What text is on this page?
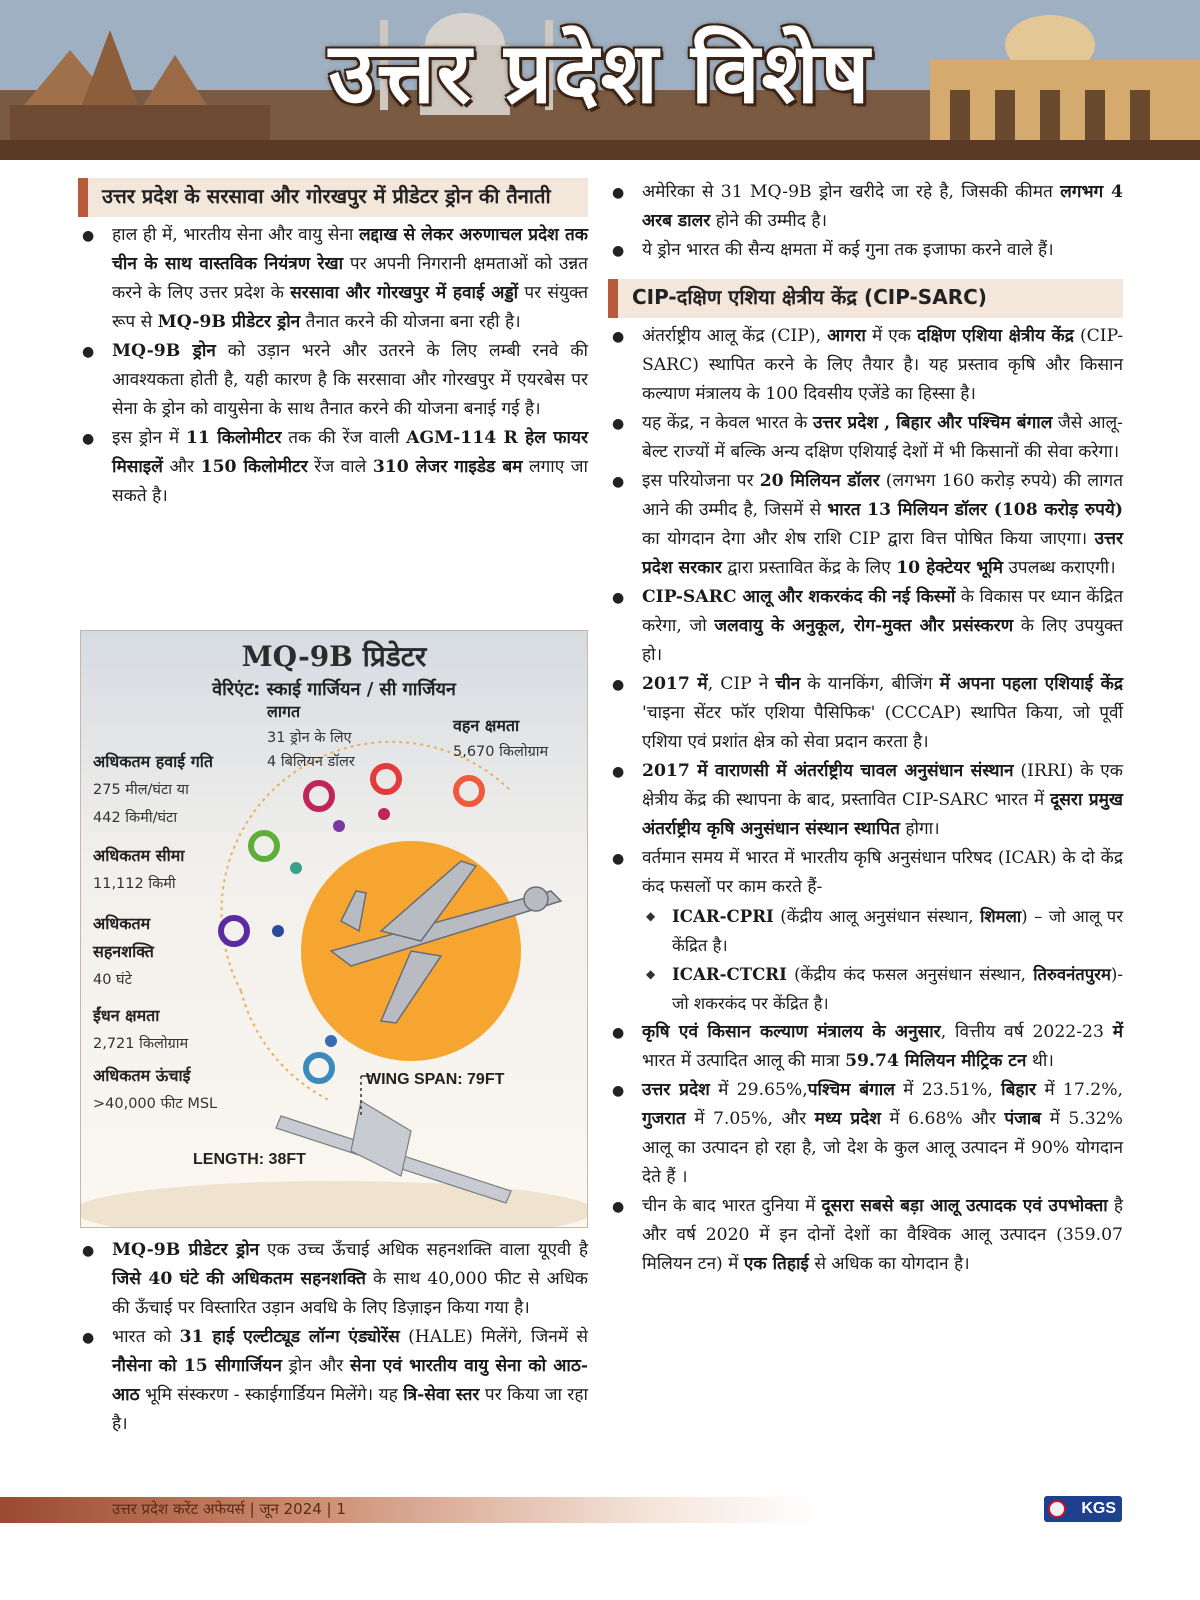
उत्तर प्रदेश विशेष
उत्तर प्रदेश के सरसावा और गोरखपुर में प्रीडेटर ड्रोन की तैनाती
● हाल ही में, भारतीय सेना और वायु सेना लद्दाख से लेकर अरुणाचल प्रदेश तक चीन के साथ वास्तविक नियंत्रण रेखा पर अपनी निगरानी क्षमताओं को उन्नत करने के लिए उत्तर प्रदेश के सरसावा और गोरखपुर में हवाई अड्डों पर संयुक्त रूप से MQ-9B प्रीडेटर ड्रोन तैनात करने की योजना बना रही है।
● MQ-9B ड्रोन को उड़ान भरने और उतरने के लिए लम्बी रनवे की आवश्यकता होती है, यही कारण है कि सरसावा और गोरखपुर में एयरबेस पर सेना के ड्रोन को वायुसेना के साथ तैनात करने की योजना बनाई गई है।
● इस ड्रोन में 11 किलोमीटर तक की रेंज वाली AGM-114 R हेल फायर मिसाइलें और 150 किलोमीटर रेंज वाले 310 लेजर गाइडेड बम लगाए जा सकते है।
MQ-9B प्रिडेटर
वेरिएंट: स्काई गार्जियन / सी गार्जियन
लागत
31 ड्रोन के लिए
4 बिलियन डॉलर
वहन क्षमता
5,670 किलोग्राम
अधिकतम हवाई गति
275 मील/घंटा या
442 किमी/घंटा
अधिकतम सीमा
11,112 किमी
अधिकतम
सहनशक्ति
40 घंटे
ईंधन क्षमता
2,721 किलोग्राम
अधिकतम ऊंचाई
>40,000 फीट MSL
WING SPAN: 79FT
LENGTH: 38FT
● MQ-9B प्रीडेटर ड्रोन एक उच्च ऊँचाई अधिक सहनशक्ति वाला यूएवी है जिसे 40 घंटे की अधिकतम सहनशक्ति के साथ 40,000 फीट से अधिक की ऊँचाई पर विस्तारित उड़ान अवधि के लिए डिज़ाइन किया गया है।
● भारत को 31 हाई एल्टीट्यूड लॉन्ग एंड्योरेंस (HALE) मिलेंगे, जिनमें से नौसेना को 15 सीगार्जियन ड्रोन और सेना एवं भारतीय वायु सेना को आठ-आठ भूमि संस्करण - स्काईगार्डियन मिलेंगे। यह त्रि-सेवा स्तर पर किया जा रहा है।
● अमेरिका से 31 MQ-9B ड्रोन खरीदे जा रहे है, जिसकी कीमत लगभग 4 अरब डालर होने की उम्मीद है।
● ये ड्रोन भारत की सैन्य क्षमता में कई गुना तक इजाफा करने वाले हैं।
CIP-दक्षिण एशिया क्षेत्रीय केंद्र (CIP-SARC)
● अंतर्राष्ट्रीय आलू केंद्र (CIP), आगरा में एक दक्षिण एशिया क्षेत्रीय केंद्र (CIP-SARC) स्थापित करने के लिए तैयार है। यह प्रस्ताव कृषि और किसान कल्याण मंत्रालय के 100 दिवसीय एजेंडे का हिस्सा है।
● यह केंद्र, न केवल भारत के उत्तर प्रदेश , बिहार और पश्चिम बंगाल जैसे आलू-बेल्ट राज्यों में बल्कि अन्य दक्षिण एशियाई देशों में भी किसानों की सेवा करेगा।
● इस परियोजना पर 20 मिलियन डॉलर (लगभग 160 करोड़ रुपये) की लागत आने की उम्मीद है, जिसमें से भारत 13 मिलियन डॉलर (108 करोड़ रुपये) का योगदान देगा और शेष राशि CIP द्वारा वित्त पोषित किया जाएगा। उत्तर प्रदेश सरकार द्वारा प्रस्तावित केंद्र के लिए 10 हेक्टेयर भूमि उपलब्ध कराएगी।
● CIP-SARC आलू और शकरकंद की नई किस्मों के विकास पर ध्यान केंद्रित करेगा, जो जलवायु के अनुकूल, रोग-मुक्त और प्रसंस्करण के लिए उपयुक्त हो।
● 2017 में, CIP ने चीन के यानकिंग, बीजिंग में अपना पहला एशियाई केंद्र 'चाइना सेंटर फॉर एशिया पैसिफिक' (CCCAP) स्थापित किया, जो पूर्वी एशिया एवं प्रशांत क्षेत्र को सेवा प्रदान करता है।
● 2017 में वाराणसी में अंतर्राष्ट्रीय चावल अनुसंधान संस्थान (IRRI) के एक क्षेत्रीय केंद्र की स्थापना के बाद, प्रस्तावित CIP-SARC भारत में दूसरा प्रमुख अंतर्राष्ट्रीय कृषि अनुसंधान संस्थान स्थापित होगा।
● वर्तमान समय में भारत में भारतीय कृषि अनुसंधान परिषद (ICAR) के दो केंद्र कंद फसलों पर काम करते हैं-
◆ ICAR-CPRI (केंद्रीय आलू अनुसंधान संस्थान, शिमला) – जो आलू पर केंद्रित है।
◆ ICAR-CTCRI (केंद्रीय कंद फसल अनुसंधान संस्थान, तिरुवनंतपुरम)- जो शकरकंद पर केंद्रित है।
● कृषि एवं किसान कल्याण मंत्रालय के अनुसार, वित्तीय वर्ष 2022-23 में भारत में उत्पादित आलू की मात्रा 59.74 मिलियन मीट्रिक टन थी।
● उत्तर प्रदेश में 29.65%,पश्चिम बंगाल में 23.51%, बिहार में 17.2%, गुजरात में 7.05%, और मध्य प्रदेश में 6.68% और पंजाब में 5.32% आलू का उत्पादन हो रहा है, जो देश के कुल आलू उत्पादन में 90% योगदान देते हैं ।
● चीन के बाद भारत दुनिया में दूसरा सबसे बड़ा आलू उत्पादक एवं उपभोक्ता है और वर्ष 2020 में इन दोनों देशों का वैश्विक आलू उत्पादन (359.07 मिलियन टन) में एक तिहाई से अधिक का योगदान है।
उत्तर प्रदेश करेंट अफेयर्स | जून 2024 | 1	KGS
